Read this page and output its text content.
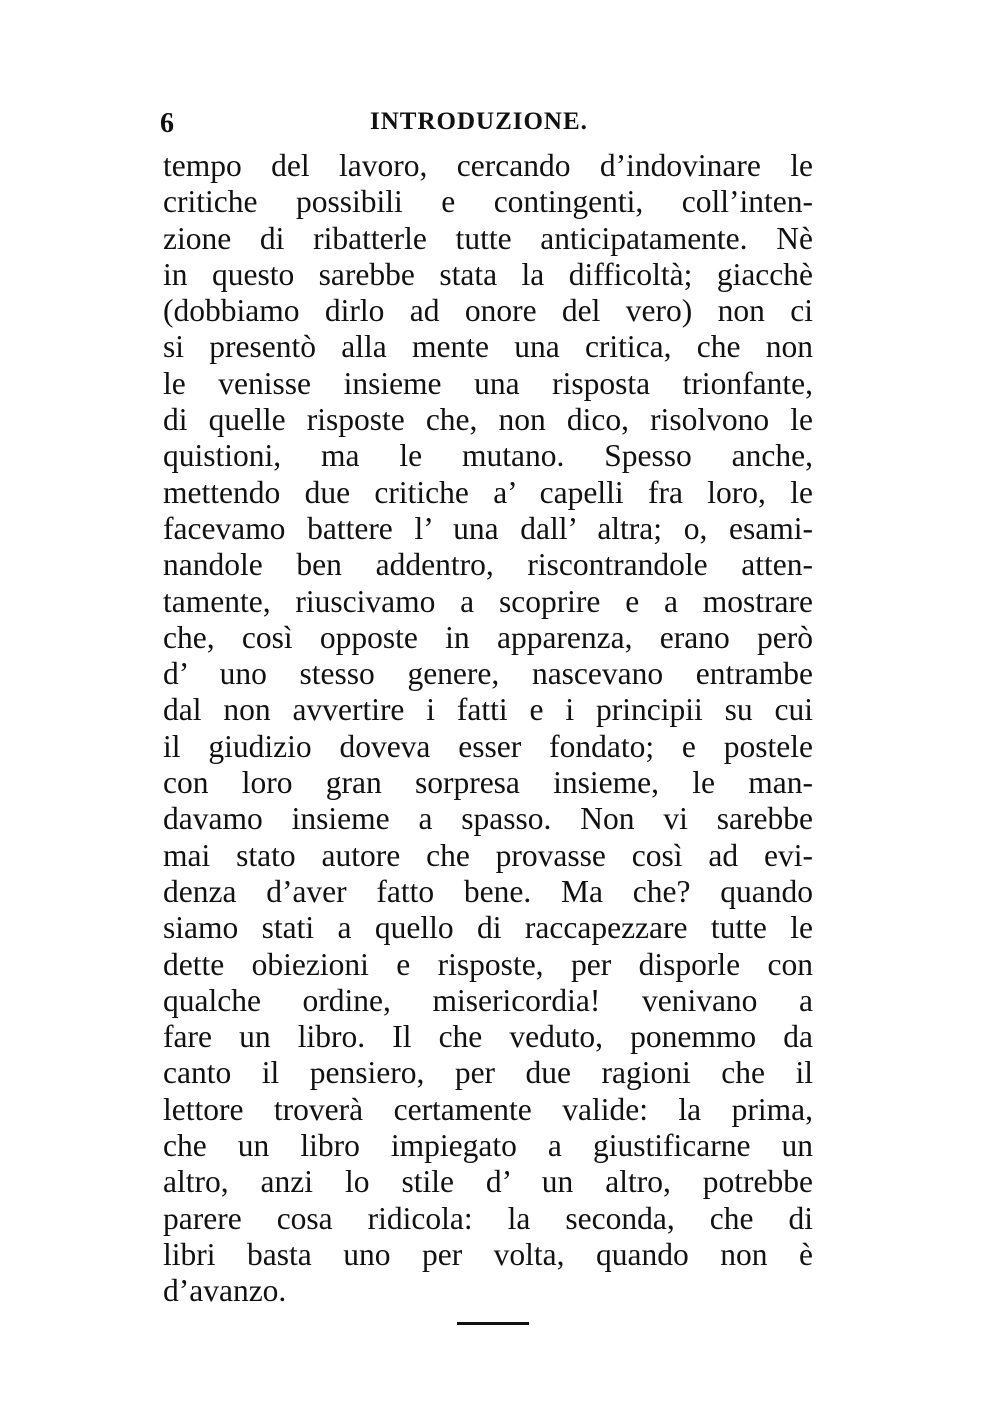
6	INTRODUZIONE.
tempo del lavoro, cercando d’indovinare le
critiche possibili e contingenti, coll’inten-
zione di ribatterle tutte anticipatamente. Nè
in questo sarebbe stata la difficoltà; giacchè
(dobbiamo dirlo ad onore del vero) non ci
si presentò alla mente una critica, che non
le venisse insieme una risposta trionfante,
di quelle risposte che, non dico, risolvono le
quistioni, ma le mutano. Spesso anche,
mettendo due critiche a’ capelli fra loro, le
facevamo battere l’ una dall’ altra; o, esami-
nandole ben addentro, riscontrandole atten-
tamente, riuscivamo a scoprire e a mostrare
che, così opposte in apparenza, erano però
d’ uno stesso genere, nascevano entrambe
dal non avvertire i fatti e i principii su cui
il giudizio doveva esser fondato; e postele
con loro gran sorpresa insieme, le man-
davamo insieme a spasso. Non vi sarebbe
mai stato autore che provasse così ad evi-
denza d’aver fatto bene. Ma che? quando
siamo stati a quello di raccapezzare tutte le
dette obiezioni e risposte, per disporle con
qualche ordine, misericordia! venivano a
fare un libro. Il che veduto, ponemmo da
canto il pensiero, per due ragioni che il
lettore troverà certamente valide: la prima,
che un libro impiegato a giustificarne un
altro, anzi lo stile d’ un altro, potrebbe
parere cosa ridicola: la seconda, che di
libri basta uno per volta, quando non è
d’avanzo.
